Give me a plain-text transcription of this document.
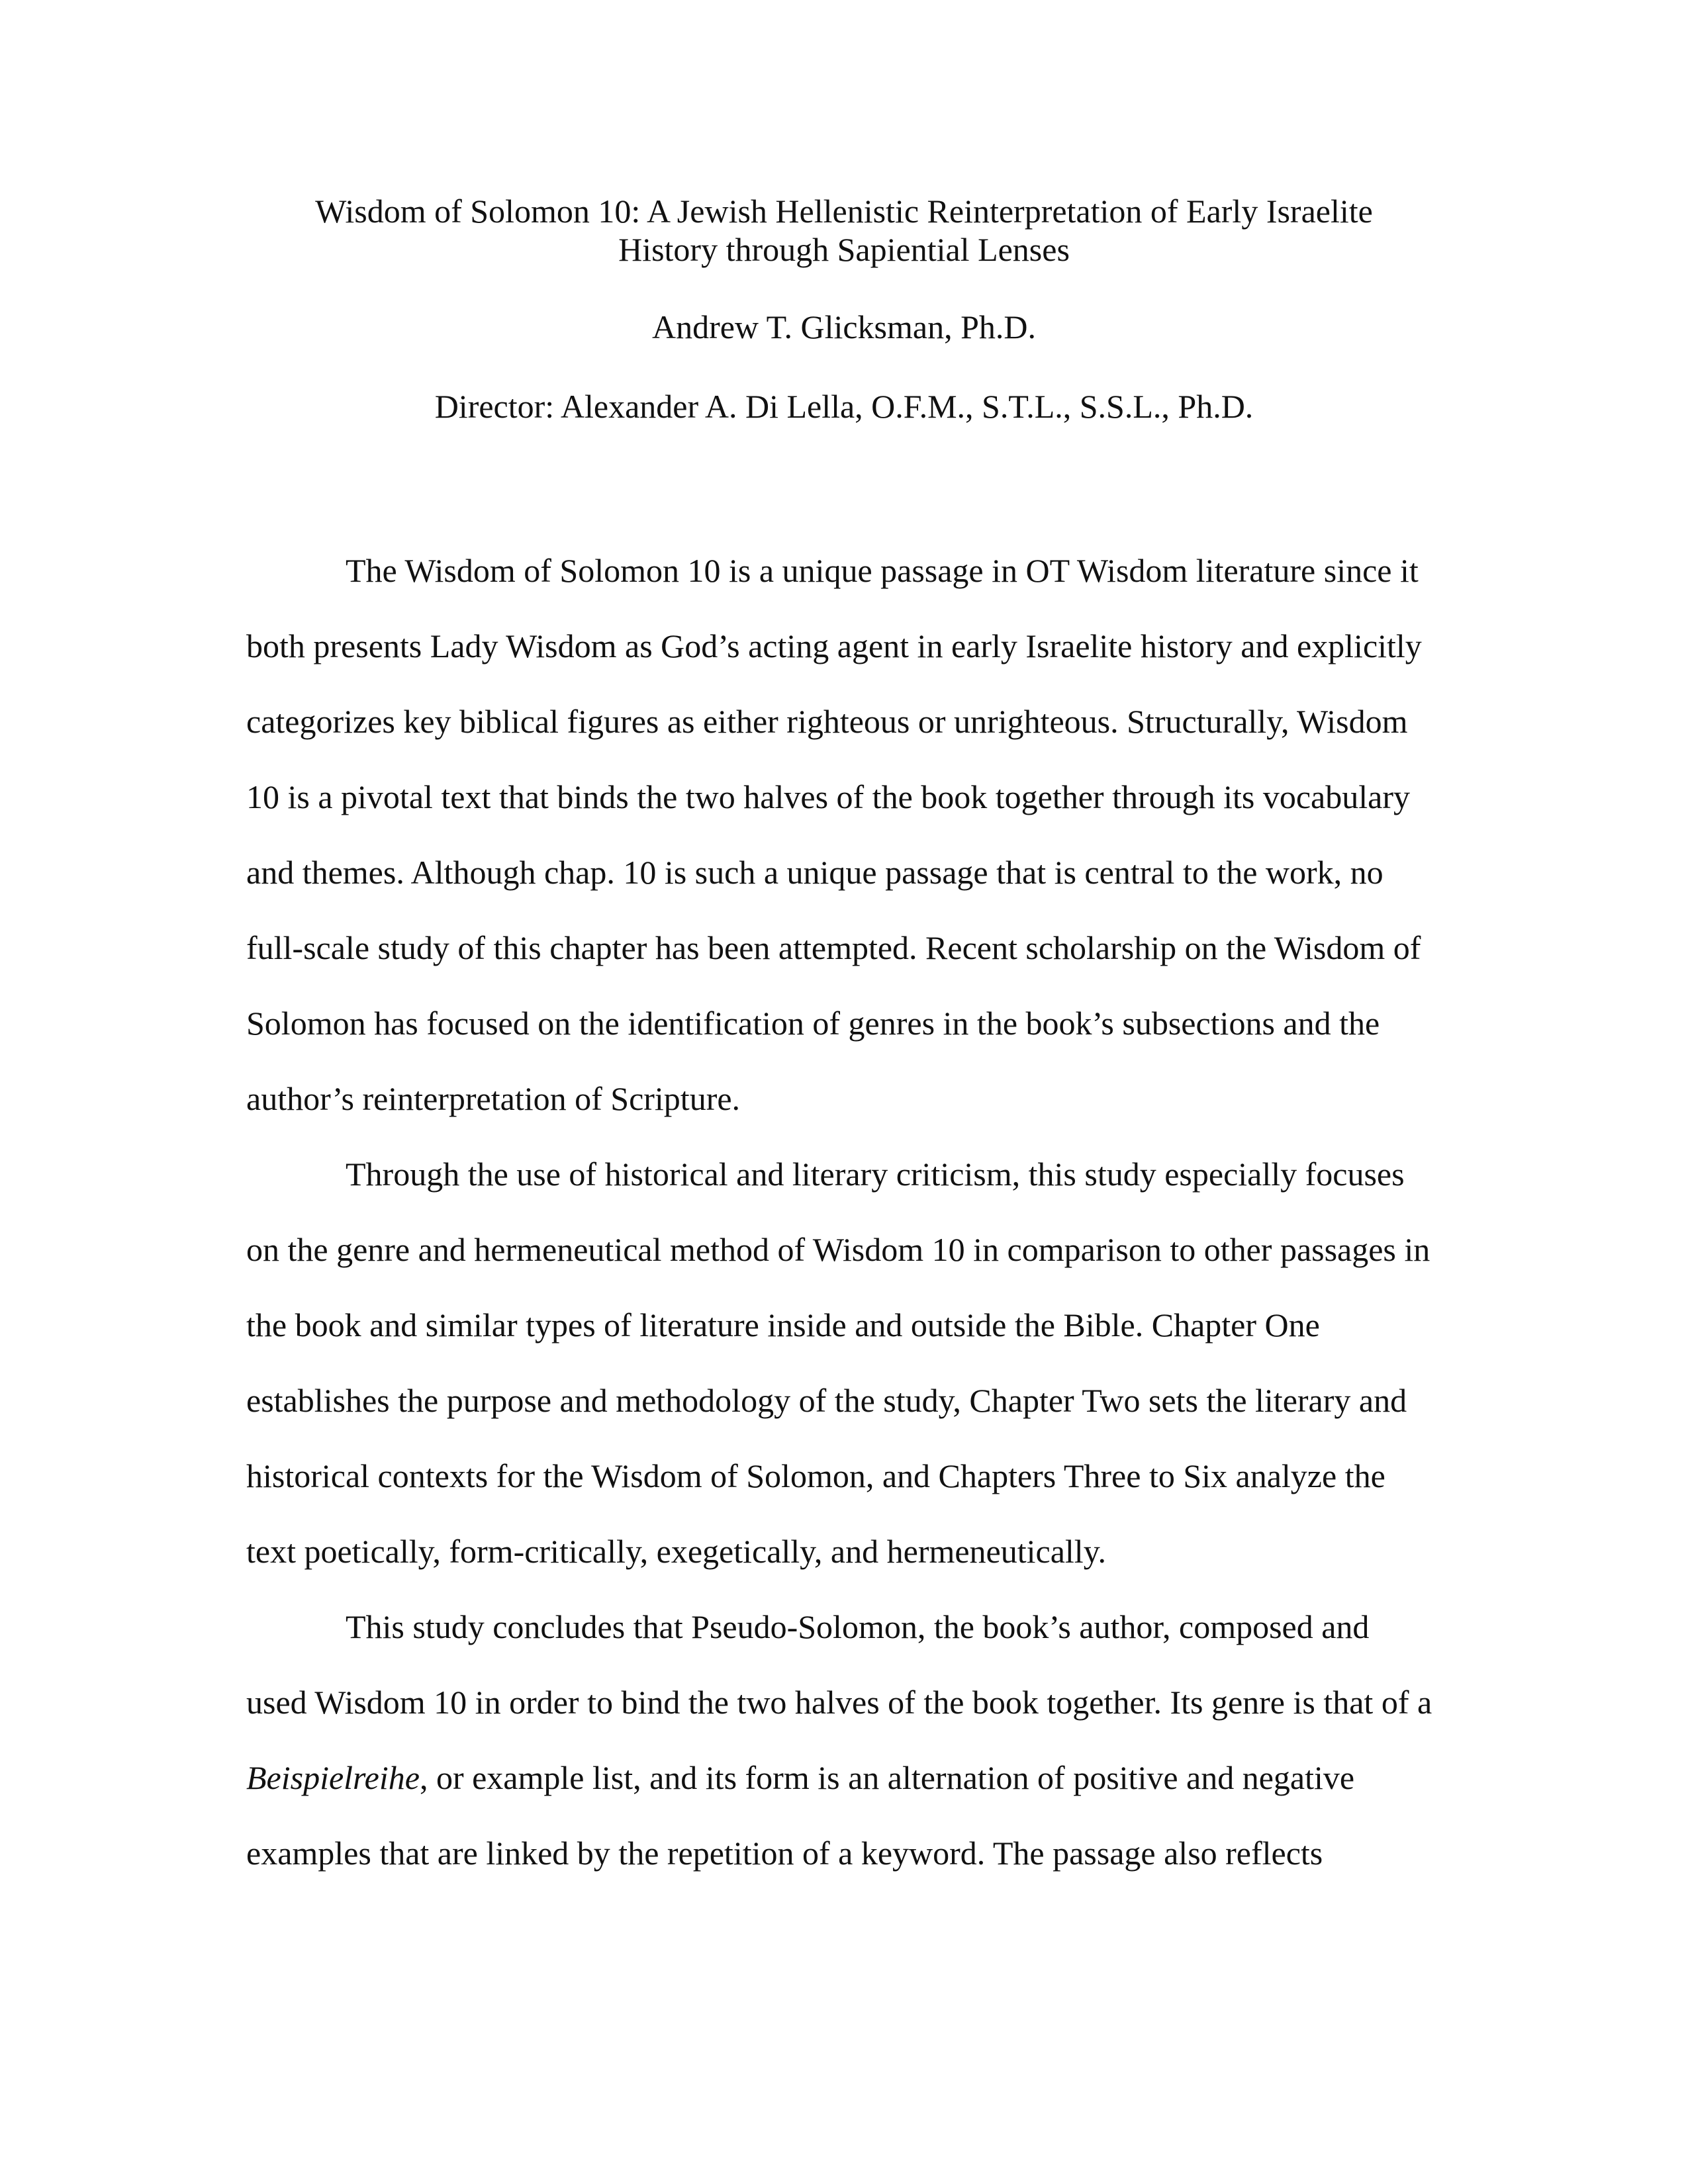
Wisdom of Solomon 10: A Jewish Hellenistic Reinterpretation of Early Israelite
History through Sapiential Lenses
Andrew T. Glicksman, Ph.D.
Director: Alexander A. Di Lella, O.F.M., S.T.L., S.S.L., Ph.D.
The Wisdom of Solomon 10 is a unique passage in OT Wisdom literature since it
both presents Lady Wisdom as God’s acting agent in early Israelite history and explicitly
categorizes key biblical figures as either righteous or unrighteous. Structurally, Wisdom
10 is a pivotal text that binds the two halves of the book together through its vocabulary
and themes. Although chap. 10 is such a unique passage that is central to the work, no
full-scale study of this chapter has been attempted. Recent scholarship on the Wisdom of
Solomon has focused on the identification of genres in the book’s subsections and the
author’s reinterpretation of Scripture.
Through the use of historical and literary criticism, this study especially focuses
on the genre and hermeneutical method of Wisdom 10 in comparison to other passages in
the book and similar types of literature inside and outside the Bible. Chapter One
establishes the purpose and methodology of the study, Chapter Two sets the literary and
historical contexts for the Wisdom of Solomon, and Chapters Three to Six analyze the
text poetically, form-critically, exegetically, and hermeneutically.
This study concludes that Pseudo-Solomon, the book’s author, composed and
used Wisdom 10 in order to bind the two halves of the book together. Its genre is that of a
Beispielreihe, or example list, and its form is an alternation of positive and negative
examples that are linked by the repetition of a keyword. The passage also reflects
